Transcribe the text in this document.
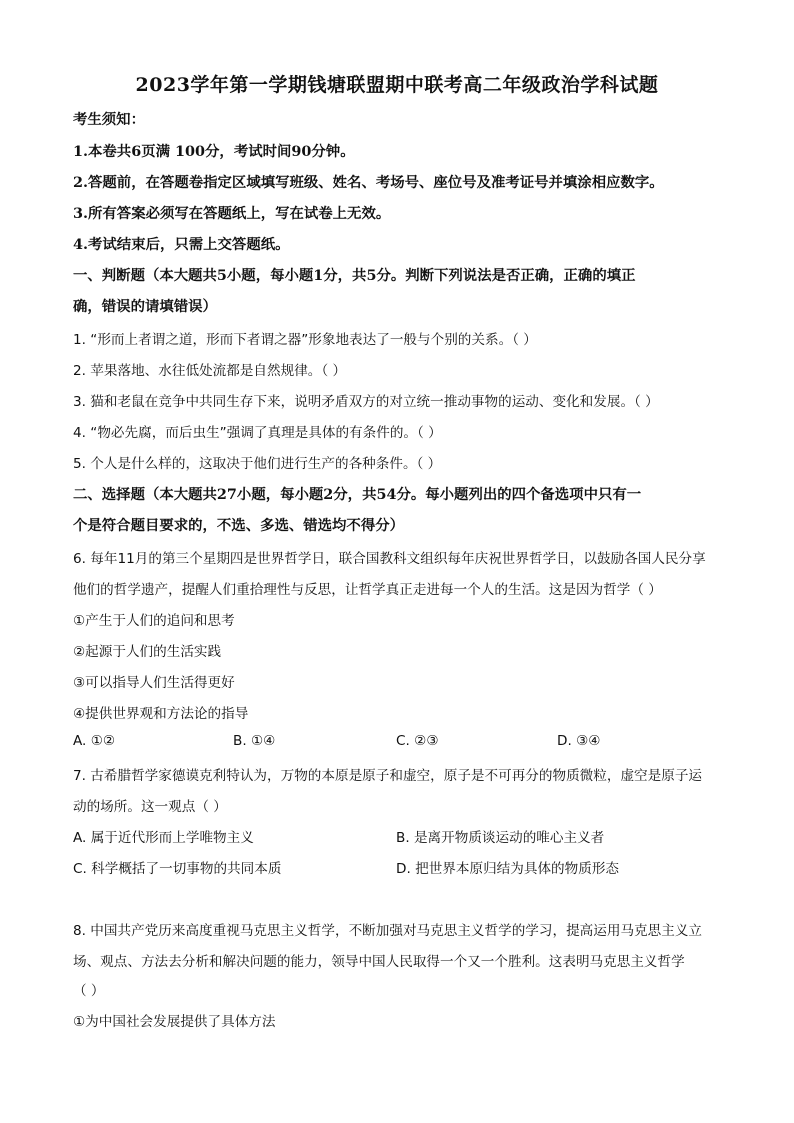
2023学年第一学期钱塘联盟期中联考高二年级政治学科试题
考生须知：
1.本卷共6页满 100分，考试时间90分钟。
2.答题前，在答题卷指定区域填写班级、姓名、考场号、座位号及准考证号并填涂相应数字。
3.所有答案必须写在答题纸上，写在试卷上无效。
4.考试结束后，只需上交答题纸。
一、判断题（本大题共5小题，每小题1分，共5分。判断下列说法是否正确，正确的填正
确，错误的请填错误）
1. “形而上者谓之道，形而下者谓之器”形象地表达了一般与个别的关系。（ ）
2. 苹果落地、水往低处流都是自然规律。（ ）
3. 猫和老鼠在竞争中共同生存下来，说明矛盾双方的对立统一推动事物的运动、变化和发展。（ ）
4. “物必先腐，而后虫生”强调了真理是具体的有条件的。（ ）
5. 个人是什么样的，这取决于他们进行生产的各种条件。（ ）
二、选择题（本大题共27小题，每小题2分，共54分。每小题列出的四个备选项中只有一
个是符合题目要求的，不选、多选、错选均不得分）
6. 每年11月的第三个星期四是世界哲学日，联合国教科文组织每年庆祝世界哲学日，以鼓励各国人民分享
他们的哲学遗产，提醒人们重拾理性与反思，让哲学真正走进每一个人的生活。这是因为哲学（ ）
①产生于人们的追问和思考
②起源于人们的生活实践
③可以指导人们生活得更好
④提供世界观和方法论的指导
A. ①②	B. ①④	C. ②③	D. ③④
7. 古希腊哲学家德谟克利特认为，万物的本原是原子和虚空，原子是不可再分的物质微粒，虚空是原子运
动的场所。这一观点（ ）
A. 属于近代形而上学唯物主义	B. 是离开物质谈运动的唯心主义者
C. 科学概括了一切事物的共同本质	D. 把世界本原归结为具体的物质形态
8. 中国共产党历来高度重视马克思主义哲学，不断加强对马克思主义哲学的学习，提高运用马克思主义立
场、观点、方法去分析和解决问题的能力，领导中国人民取得一个又一个胜利。这表明马克思主义哲学
（ ）
①为中国社会发展提供了具体方法
